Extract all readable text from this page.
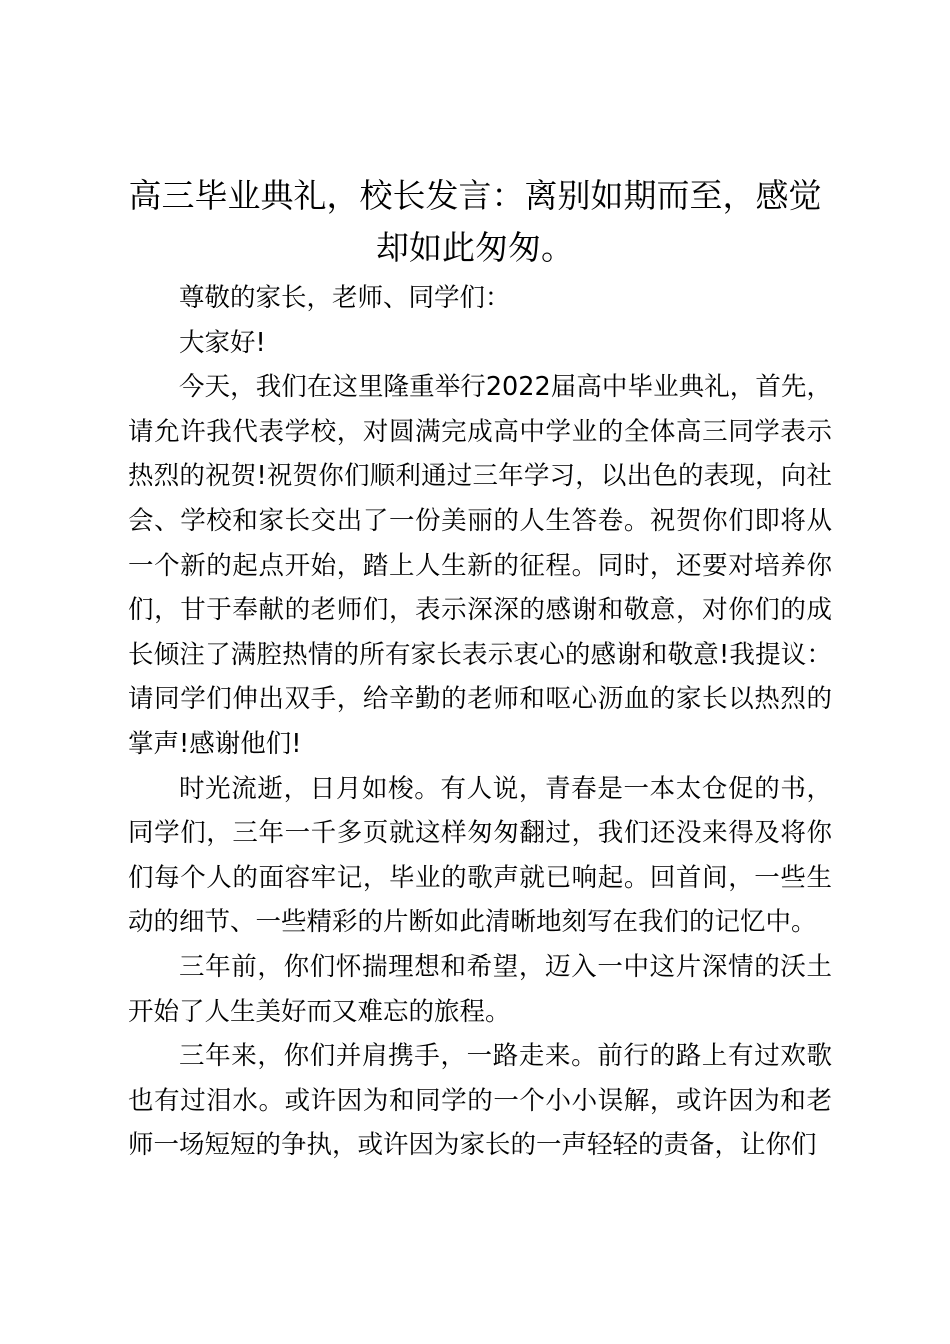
高三毕业典礼，校长发言：离别如期而至，感觉却如此匆匆。

尊敬的家长，老师、同学们：

大家好!

今天，我们在这里隆重举行2022届高中毕业典礼，首先，请允许我代表学校，对圆满完成高中学业的全体高三同学表示热烈的祝贺!祝贺你们顺利通过三年学习，以出色的表现，向社会、学校和家长交出了一份美丽的人生答卷。祝贺你们即将从一个新的起点开始，踏上人生新的征程。同时，还要对培养你们，甘于奉献的老师们，表示深深的感谢和敬意，对你们的成长倾注了满腔热情的所有家长表示衷心的感谢和敬意!我提议：请同学们伸出双手，给辛勤的老师和呕心沥血的家长以热烈的掌声!感谢他们!

时光流逝，日月如梭。有人说，青春是一本太仓促的书，同学们，三年一千多页就这样匆匆翻过，我们还没来得及将你们每个人的面容牢记，毕业的歌声就已响起。回首间，一些生动的细节、一些精彩的片断如此清晰地刻写在我们的记忆中。

三年前，你们怀揣理想和希望，迈入一中这片深情的沃土开始了人生美好而又难忘的旅程。

三年来，你们并肩携手，一路走来。前行的路上有过欢歌也有过泪水。或许因为和同学的一个小小误解，或许因为和老师一场短短的争执，或许因为家长的一声轻轻的责备，让你们
